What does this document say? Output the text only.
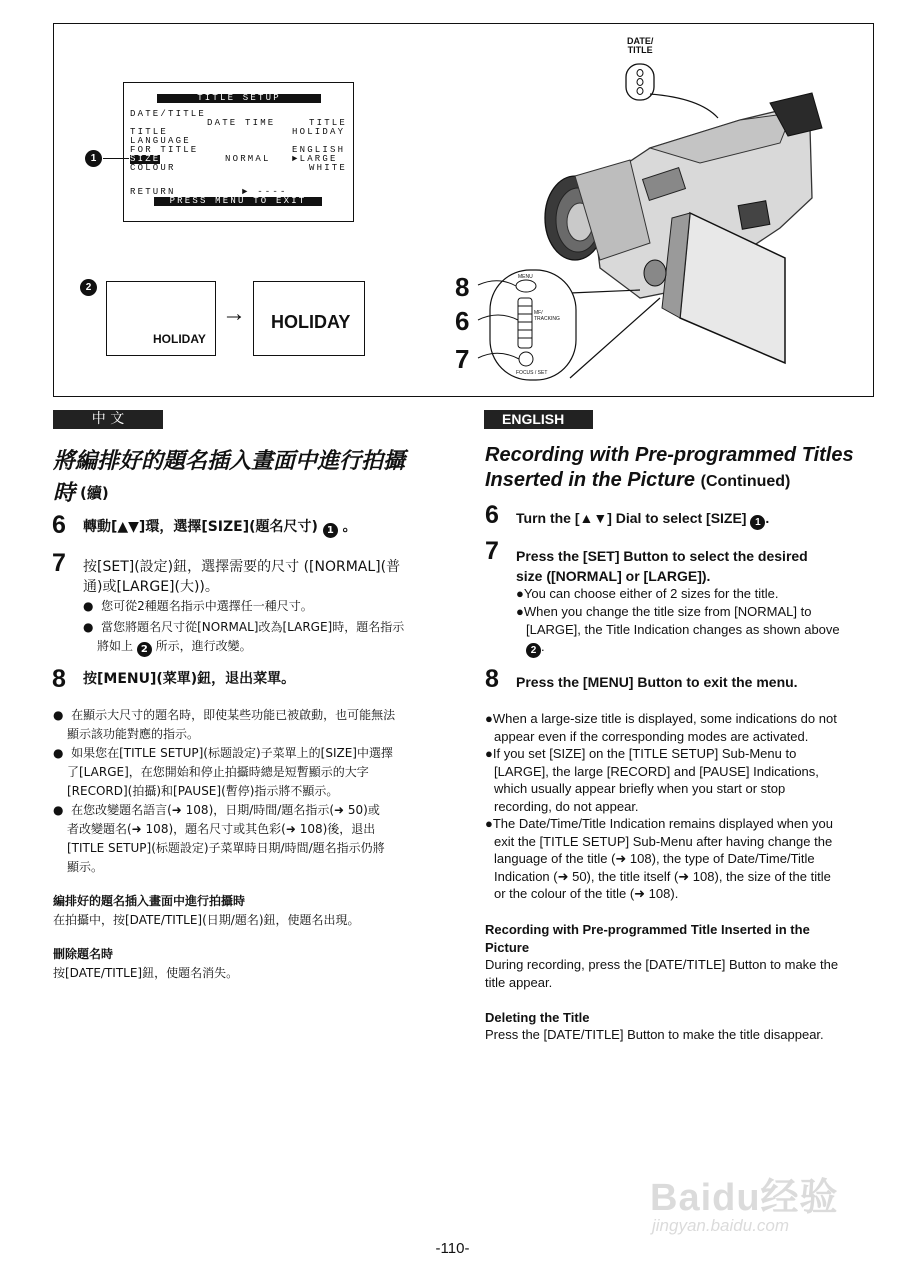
TITLE SETUP
DATE/TITLE
DATE TIME	TITLE
TITLE	HOLIDAY
LANGUAGE
FOR TITLE	ENGLISH
SIZE	NORMAL ►LARGE
COLOUR	WHITE
RETURN	► ----
PRESS MENU TO EXIT
1
2
HOLIDAY
→ HOLIDAY
DATE/
TITLE
MENU
MF/
TRACKING
FOCUS / SET
8
6
7
中 文
將編排好的題名插入畫面中進行拍攝
時 (續)
6 轉動[▲▼]環，選擇[SIZE](題名尺寸) 1 。
7 按[SET](設定)鈕，選擇需要的尺寸 ([NORMAL](普
通)或[LARGE](大))。
●  您可從2種題名指示中選擇任一種尺寸。
●  當您將題名尺寸從[NORMAL]改為[LARGE]時，題名指示
將如上 2 所示，進行改變。
8 按[MENU](菜單)鈕，退出菜單。
●  在顯示大尺寸的題名時，即使某些功能已被啟動，也可能無法
顯示該功能對應的指示。
●  如果您在[TITLE SETUP](标题設定)子菜單上的[SIZE]中選擇
了[LARGE]，在您開始和停止拍攝時總是短暫顯示的大字
[RECORD](拍攝)和[PAUSE](暫停)指示將不顯示。
●  在您改變題名語言(➜ 108)，日期/時間/題名指示(➜ 50)或
者改變題名(➜ 108)，題名尺寸或其色彩(➜ 108)後，退出
[TITLE SETUP](标题設定)子菜單時日期/時間/題名指示仍將
顯示。
編排好的題名插入畫面中進行拍攝時
在拍攝中，按[DATE/TITLE](日期/題名)鈕，使題名出現。
刪除題名時
按[DATE/TITLE]鈕，使題名消失。
ENGLISH
Recording with Pre-programmed Titles
Inserted in the Picture (Continued)
6 Turn the [▲▼] Dial to select [SIZE] 1 .
7 Press the [SET] Button to select the desired
size ([NORMAL] or [LARGE]).
●You can choose either of 2 sizes for the title.
●When you change the title size from [NORMAL] to
[LARGE], the Title Indication changes as shown above
2 .
8 Press the [MENU] Button to exit the menu.
●When a large-size title is displayed, some indications do not
appear even if the corresponding modes are activated.
●If you set [SIZE] on the [TITLE SETUP] Sub-Menu to
[LARGE], the large [RECORD] and [PAUSE] Indications,
which usually appear briefly when you start or stop
recording, do not appear.
●The Date/Time/Title Indication remains displayed when you
exit the [TITLE SETUP] Sub-Menu after having change the
language of the title (➜ 108), the type of Date/Time/Title
Indication (➜ 50), the title itself (➜ 108), the size of the title
or the colour of the title (➜ 108).
Recording with Pre-programmed Title Inserted in the
Picture
During recording, press the [DATE/TITLE] Button to make the
title appear.
Deleting the Title
Press the [DATE/TITLE] Button to make the title disappear.
-110-
Baidu经验
jingyan.baidu.com
